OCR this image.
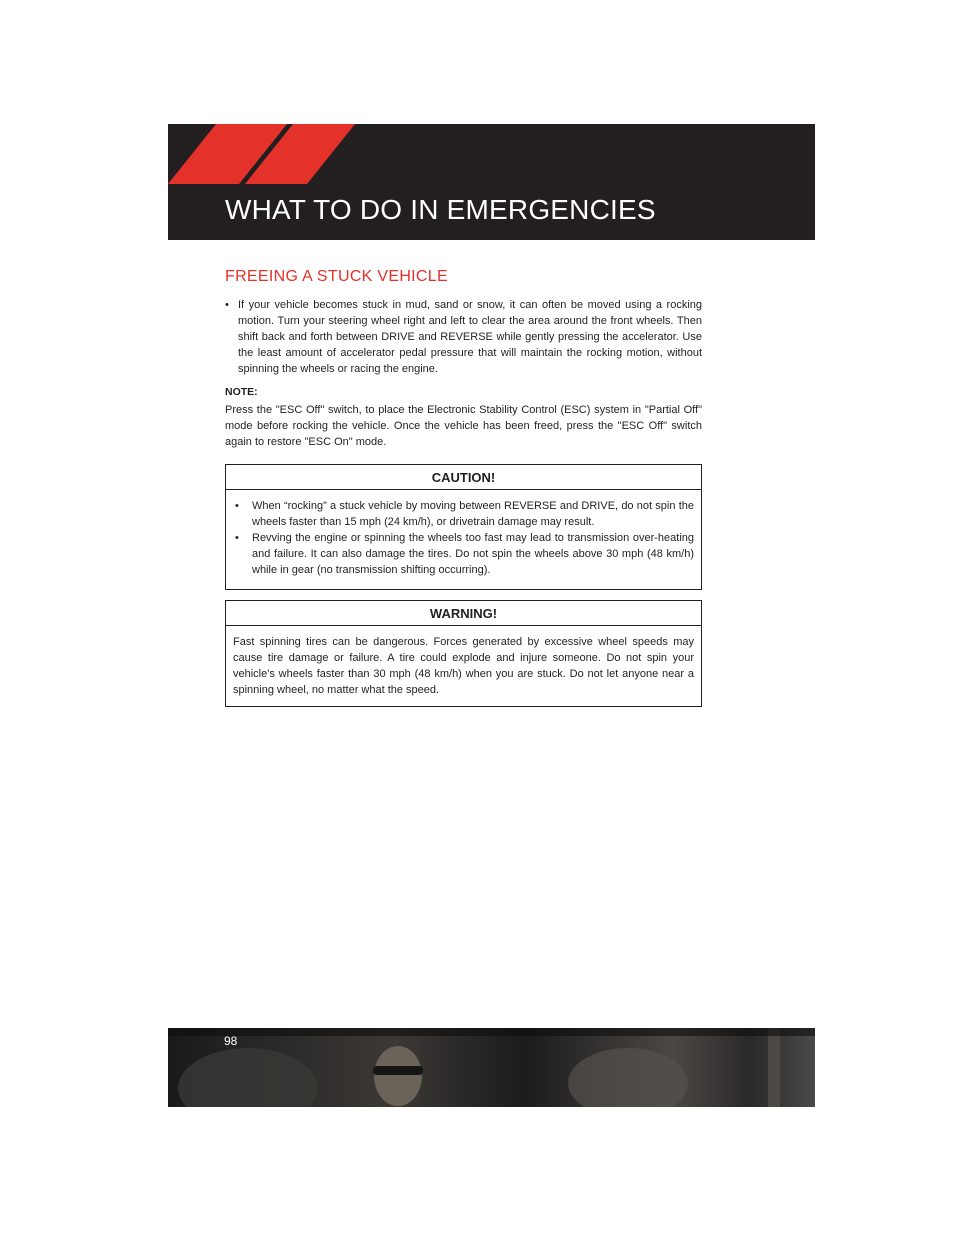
WHAT TO DO IN EMERGENCIES
FREEING A STUCK VEHICLE
• If your vehicle becomes stuck in mud, sand or snow, it can often be moved using a rocking motion. Turn your steering wheel right and left to clear the area around the front wheels. Then shift back and forth between DRIVE and REVERSE while gently pressing the accelerator. Use the least amount of accelerator pedal pressure that will maintain the rocking motion, without spinning the wheels or racing the engine.
NOTE:

Press the "ESC Off" switch, to place the Electronic Stability Control (ESC) system in "Partial Off" mode before rocking the vehicle. Once the vehicle has been freed, press the "ESC Off" switch again to restore "ESC On" mode.

CAUTION!
• When “rocking” a stuck vehicle by moving between REVERSE and DRIVE, do not spin the wheels faster than 15 mph (24 km/h), or drivetrain damage may result.
• Revving the engine or spinning the wheels too fast may lead to transmission over-heating and failure. It can also damage the tires. Do not spin the wheels above 30 mph (48 km/h) while in gear (no transmission shifting occurring).
WARNING!

Fast spinning tires can be dangerous. Forces generated by excessive wheel speeds may cause tire damage or failure. A tire could explode and injure someone. Do not spin your vehicle's wheels faster than 30 mph (48 km/h) when you are stuck. Do not let anyone near a spinning wheel, no matter what the speed.

98
